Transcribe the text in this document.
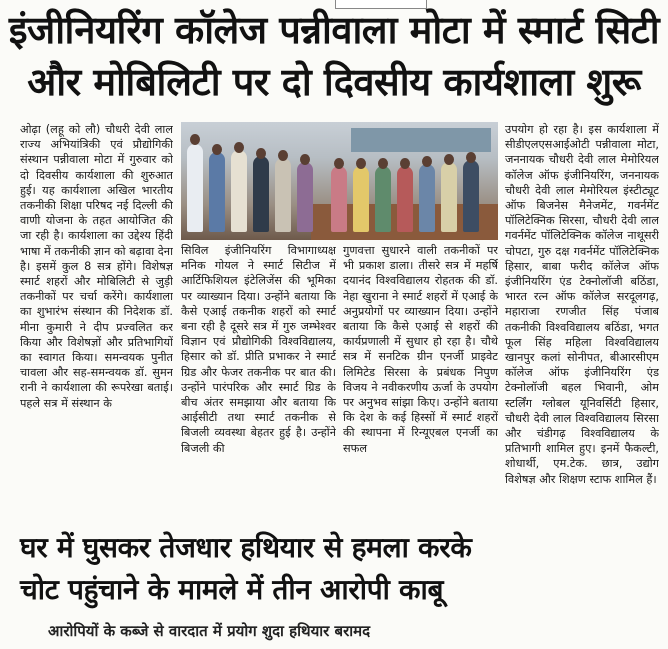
इंजीनियरिंग कॉलेज पन्नीवाला मोटा में स्मार्ट सिटी
और मोबिलिटी पर दो दिवसीय कार्यशाला शुरू
ओढ़ा (लहू को लौ) चौधरी देवी लाल राज्य अभियांत्रिकी एवं प्रौद्योगिकी संस्थान पन्नीवाला मोटा में गुरुवार को दो दिवसीय कार्यशाला की शुरुआत हुई। यह कार्यशाला अखिल भारतीय तकनीकी शिक्षा परिषद नई दिल्ली की वाणी योजना के तहत आयोजित की जा रही है। कार्यशाला का उद्देश्य हिंदी भाषा में तकनीकी ज्ञान को बढ़ावा देना है। इसमें कुल 8 सत्र होंगे। विशेषज्ञ स्मार्ट शहरों और मोबिलिटी से जुड़ी तकनीकों पर चर्चा करेंगे। कार्यशाला का शुभारंभ संस्थान की निदेशक डॉ. मीना कुमारी ने दीप प्रज्वलित कर किया और विशेषज्ञों और प्रतिभागियों का स्वागत किया। समन्वयक पुनीत चावला और सह-समन्वयक डॉ. सुमन रानी ने कार्यशाला की रूपरेखा बताई। पहले सत्र में संस्थान के
सिविल इंजीनियरिंग विभागाध्यक्ष मनिक गोयल ने स्मार्ट सिटीज में आर्टिफिशियल इंटेलिजेंस की भूमिका पर व्याख्यान दिया। उन्होंने बताया कि कैसे एआई तकनीक शहरों को स्मार्ट बना रही है दूसरे सत्र में गुरु जम्भेश्वर विज्ञान एवं प्रौद्योगिकी विश्वविद्यालय, हिसार को डॉ. प्रीति प्रभाकर ने स्मार्ट ग्रिड और फेजर तकनीक पर बात की। उन्होंने पारंपरिक और स्मार्ट ग्रिड के बीच अंतर समझाया और बताया कि आईसीटी तथा स्मार्ट तकनीक से बिजली व्यवस्था बेहतर हुई है। उन्होंने बिजली की
गुणवत्ता सुधारने वाली तकनीकों पर भी प्रकाश डाला। तीसरे सत्र में महर्षि दयानंद विश्वविद्यालय रोहतक की डॉ. नेहा खुराना ने स्मार्ट शहरों में एआई के अनुप्रयोगों पर व्याख्यान दिया। उन्होंने बताया कि कैसे एआई से शहरों की कार्यप्रणाली में सुधार हो रहा है। चौथे सत्र में सनटिक ग्रीन एनर्जी प्राइवेट लिमिटेड सिरसा के प्रबंधक निपुण विजय ने नवीकरणीय ऊर्जा के उपयोग पर अनुभव सांझा किए। उन्होंने बताया कि देश के कई हिस्सों में स्मार्ट शहरों की स्थापना में रिन्यूएबल एनर्जी का सफल
उपयोग हो रहा है। इस कार्यशाला में सीडीएलएसआईओटी पन्नीवाला मोटा, जननायक चौधरी देवी लाल मेमोरियल कॉलेज ऑफ इंजीनियरिंग, जननायक चौधरी देवी लाल मेमोरियल इंस्टीट्यूट ऑफ बिजनेस मैनेजमेंट, गवर्नमेंट पॉलिटेक्निक सिरसा, चौधरी देवी लाल गवर्नमेंट पॉलिटेक्निक कॉलेज नाथूसरी चोपटा, गुरु दक्ष गवर्नमेंट पॉलिटेक्निक हिसार, बाबा फरीद कॉलेज ऑफ इंजीनियरिंग एंड टेक्नोलॉजी बठिंडा, भारत रत्न ऑफ कॉलेज सरदूलगढ़, महाराजा रणजीत सिंह पंजाब तकनीकी विश्वविद्यालय बठिंडा, भगत फूल सिंह महिला विश्वविद्यालय खानपुर कलां सोनीपत, बीआरसीएम कॉलेज ऑफ इंजीनियरिंग एंड टेक्नोलॉजी बहल भिवानी, ओम स्टर्लिंग ग्लोबल यूनिवर्सिटी हिसार, चौधरी देवी लाल विश्वविद्यालय सिरसा और चंडीगढ़ विश्वविद्यालय के प्रतिभागी शामिल हुए। इनमें फैकल्टी, शोधार्थी, एम.टेक. छात्र, उद्योग विशेषज्ञ और शिक्षण स्टाफ शामिल हैं।
घर में घुसकर तेजधार हथियार से हमला करके
चोट पहुंचाने के मामले में तीन आरोपी काबू
आरोपियों के कब्जे से वारदात में प्रयोग शुदा हथियार बरामद
